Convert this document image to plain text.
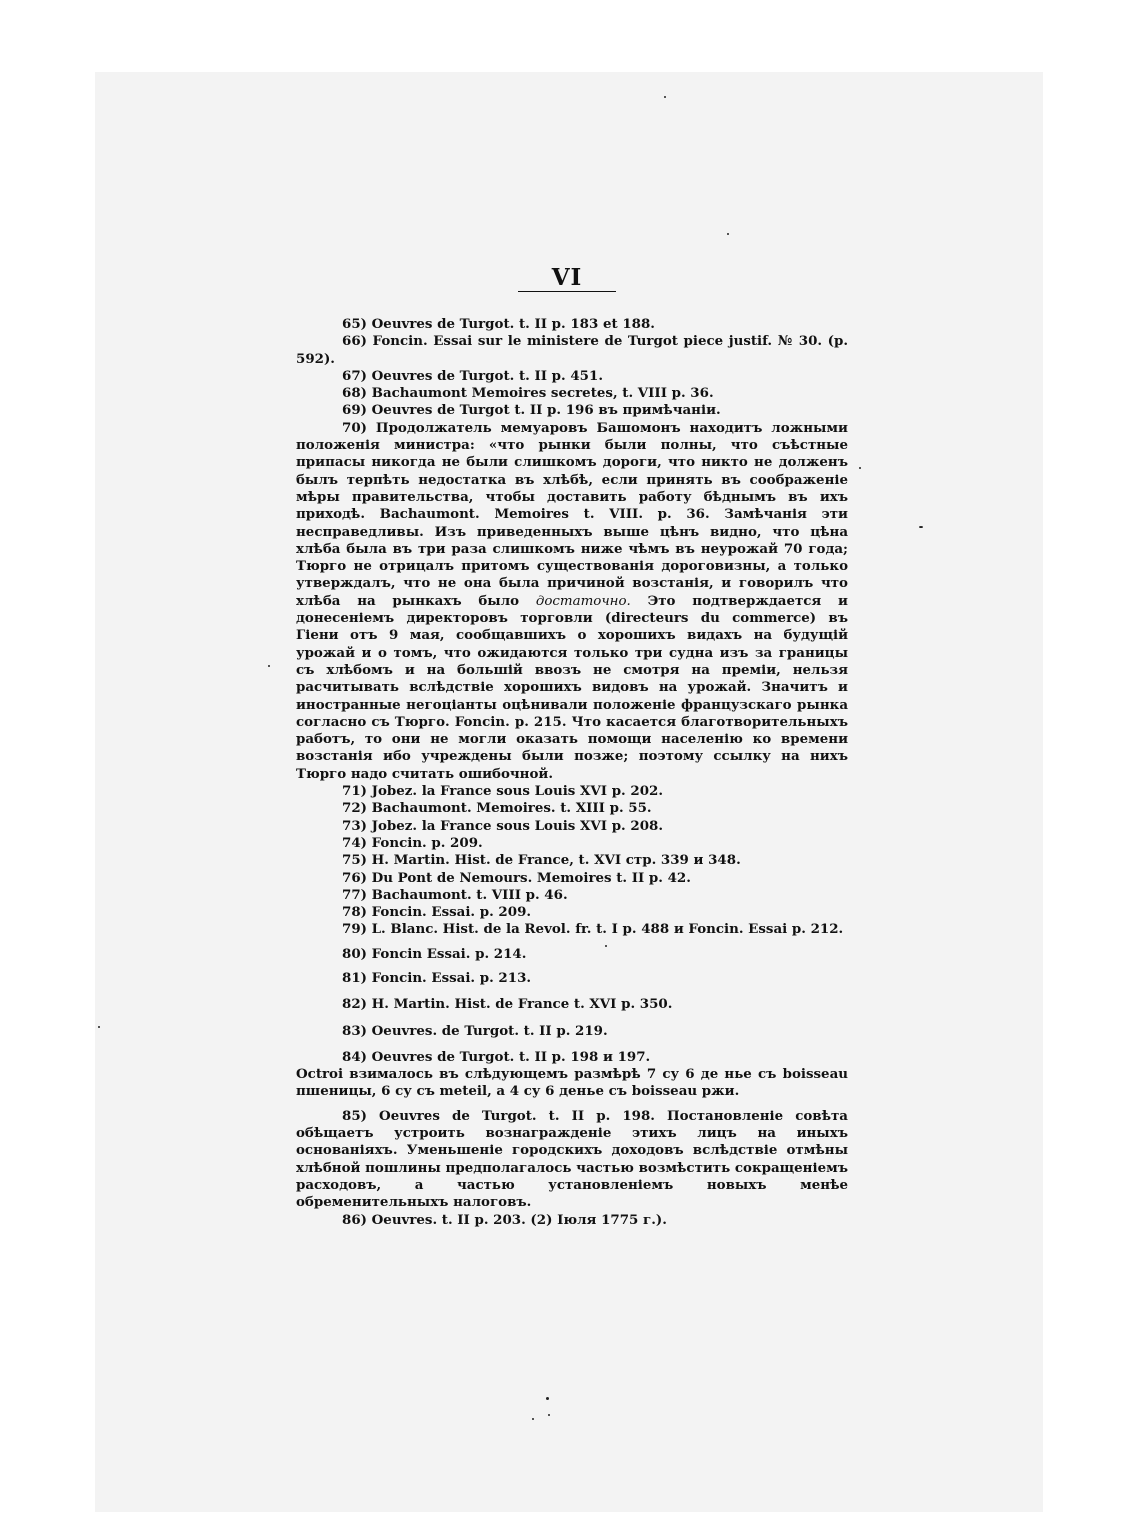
VI

65) Oeuvres de Turgot. t. II p. 183 et 188.

66) Foncin. Essai sur le ministere de Turgot piece justif. № 30. (p. 592).

67) Oeuvres de Turgot. t. II p. 451.

68) Bachaumont Memoires secretes, t. VIII p. 36.

69) Oeuvres de Turgot t. II p. 196 въ примѣчаніи.

70) Продолжатель мемуаровъ Башомонъ находитъ ложными положенія министра: «что рынки были полны, что съѣстные припасы никогда не были слишкомъ дороги, что никто не долженъ былъ терпѣть недостатка въ хлѣбѣ, если принять въ соображеніе мѣры правительства, чтобы доставить работу бѣднымъ въ ихъ приходѣ. Bachaumont. Memoires t. VIII. p. 36. Замѣчанія эти несправедливы. Изъ приведенныхъ выше цѣнъ видно, что цѣна хлѣба была въ три раза слишкомъ ниже чѣмъ въ неурожай 70 года; Тюрго не отрицалъ притомъ существованія дороговизны, а только утверждалъ, что не она была причиной возстанія, и говорилъ что хлѣба на рынкахъ было достаточно. Это подтверждается и донесеніемъ директоровъ торговли (directeurs du commerce) въ Гіени отъ 9 мая, сообщавшихъ о хорошихъ видахъ на будущій урожай и о томъ, что ожидаются только три судна изъ за границы съ хлѣбомъ и на большій ввозъ не смотря на преміи, нельзя расчитывать вслѣдствіе хорошихъ видовъ на урожай. Значитъ и иностранные негоціанты оцѣнивали положеніе французскаго рынка согласно съ Тюрго. Foncin. p. 215. Что касается благотворительныхъ работъ, то они не могли оказать помощи населенію ко времени возстанія ибо учреждены были позже; поэтому ссылку на нихъ Тюрго надо считать ошибочной.

71) Jobez. la France sous Louis XVI p. 202.

72) Bachaumont. Memoires. t. XIII p. 55.

73) Jobez. la France sous Louis XVI p. 208.

74) Foncin. p. 209.

75) H. Martin. Hist. de France, t. XVI стр. 339 и 348.

76) Du Pont de Nemours. Memoires t. II p. 42.

77) Bachaumont. t. VIII p. 46.

78) Foncin. Essai. p. 209.

79) L. Blanc. Hist. de la Revol. fr. t. I p. 488 и Foncin. Essai p. 212.

80) Foncin Essai. p. 214.

81) Foncin. Essai. p. 213.

82) H. Martin. Hist. de France t. XVI p. 350.

83) Oeuvres. de Turgot. t. II p. 219.

84) Oeuvres de Turgot. t. II p. 198 и 197.

Octroi взималось въ слѣдующемъ размѣрѣ 7 су 6 де нье съ boisseau пшеницы, 6 су съ meteil, а 4 су 6 денье съ boisseau ржи.

85) Oeuvres de Turgot. t. II p. 198. Постановленіе совѣта обѣщаетъ устроить вознагражденіе этихъ лицъ на иныхъ основаніяхъ. Уменьшеніе городскихъ доходовъ вслѣдствіе отмѣны хлѣбной пошлины предполагалось частью возмѣстить сокращеніемъ расходовъ, а частью установленіемъ новыхъ менѣе обременительныхъ налоговъ.

86) Oeuvres. t. II p. 203. (2) Іюля 1775 г.).
